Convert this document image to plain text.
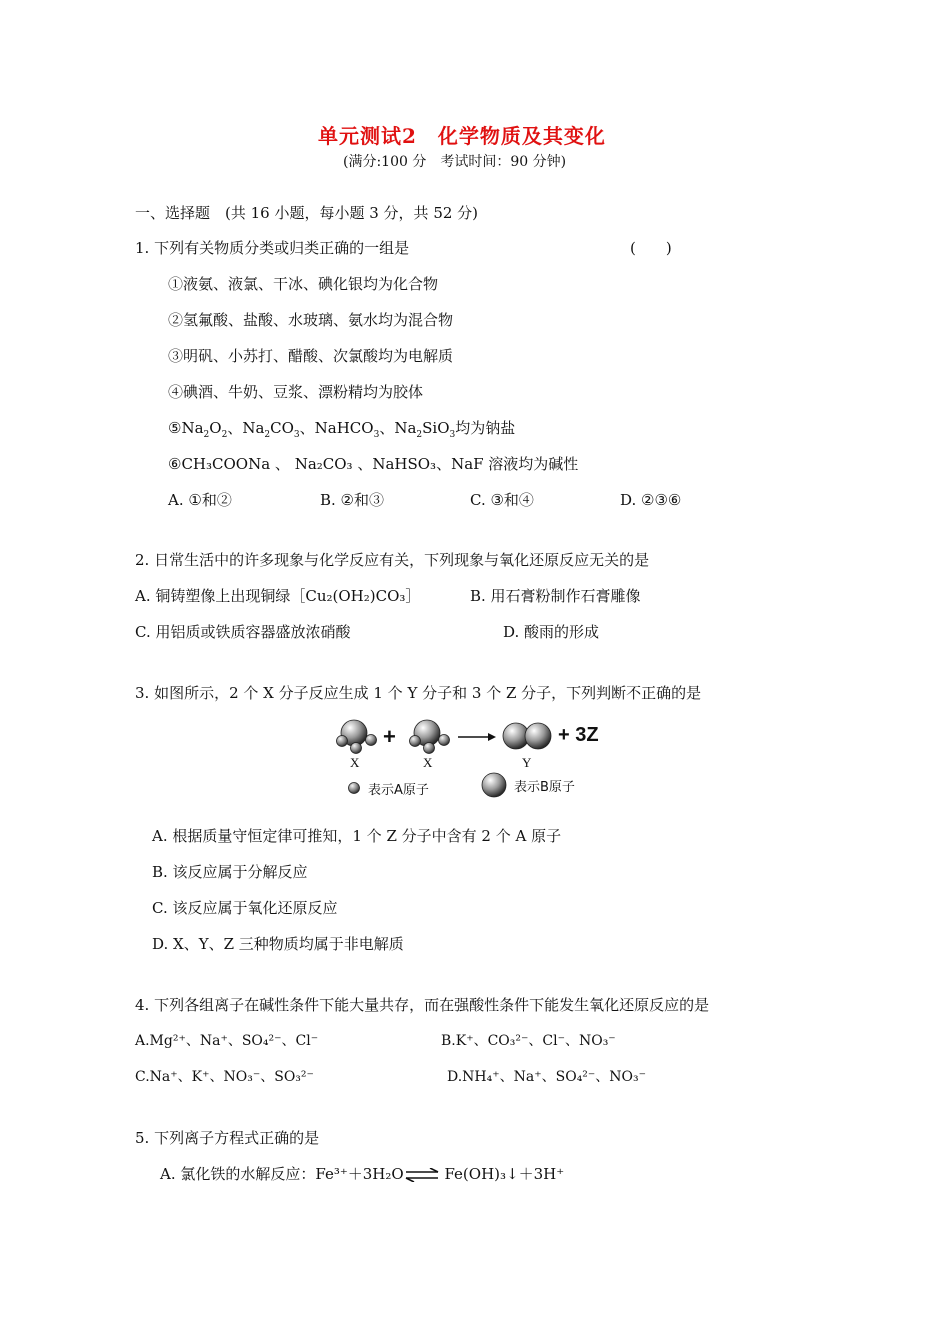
单元测试2　化学物质及其变化
(满分:100 分　考试时间：90 分钟)
一、选择题　(共 16 小题，每小题 3 分，共 52 分)
1. 下列有关物质分类或归类正确的一组是	(　　)
①液氨、液氯、干冰、碘化银均为化合物
②氢氟酸、盐酸、水玻璃、氨水均为混合物
③明矾、小苏打、醋酸、次氯酸均为电解质
④碘酒、牛奶、豆浆、漂粉精均为胶体
$⑤Na_2O_2$、$Na_2CO_3$、NaHCO$_3$、$Na_2SiO_3$均为钠盐
⑥CH₃COONa 、 Na₂CO₃ 、NaHSO₃、NaF 溶液均为碱性
A. ①和②	B. ②和③	C. ③和④	D. ②③⑥
2. 日常生活中的许多现象与化学反应有关，下列现象与氧化还原反应无关的是
A. 铜铸塑像上出现铜绿［Cu₂(OH₂)CO₃］	B. 用石膏粉制作石膏雕像
C. 用铝质或铁质容器盛放浓硝酸	D. 酸雨的形成
3. 如图所示，2 个 X 分子反应生成 1 个 Y 分子和 3 个 Z 分子，下列判断不正确的是
+	+ 3Z
X	X	Y
表示A原子	表示B原子
A. 根据质量守恒定律可推知，1 个 Z 分子中含有 2 个 A 原子
B. 该反应属于分解反应
C. 该反应属于氧化还原反应
D. X、Y、Z 三种物质均属于非电解质
4. 下列各组离子在碱性条件下能大量共存，而在强酸性条件下能发生氧化还原反应的是
A.Mg²⁺、Na⁺、SO₄²⁻、Cl⁻	B.K⁺、CO₃²⁻、Cl⁻、NO₃⁻
C.Na⁺、K⁺、NO₃⁻、SO₃²⁻	D.NH₄⁺、Na⁺、SO₄²⁻、NO₃⁻
5. 下列离子方程式正确的是
A. 氯化铁的水解反应：Fe³⁺＋3H₂O⇌ Fe(OH)₃↓＋3H⁺
